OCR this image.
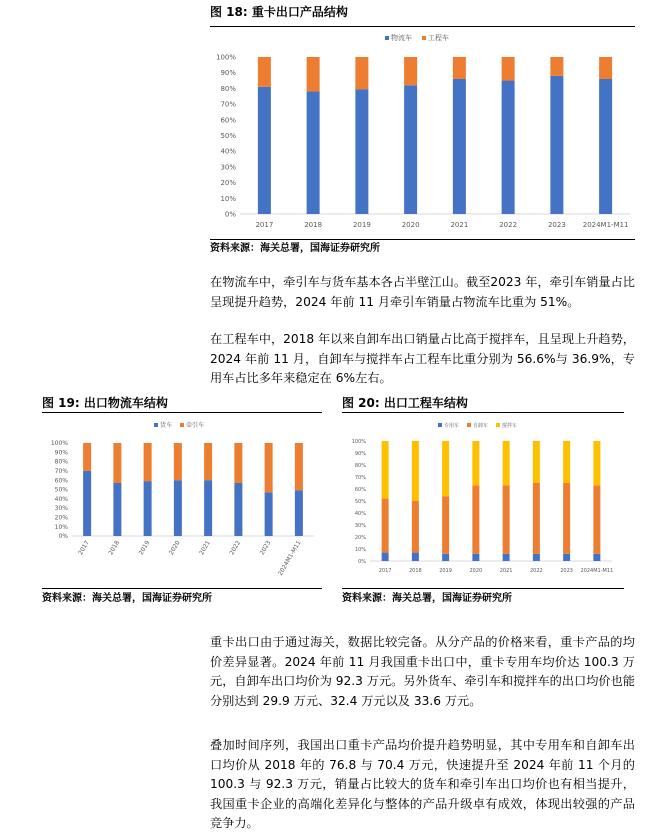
图 18: 重卡出口产品结构
0%
10%
20%
30%
40%
50%
60%
70%
80%
90%
100%
2017	2018	2019	2020	2021	2022	2023 2024M1-M11
物流车 工程车
资料来源：海关总署，国海证券研究所
在物流车中，牵引车与货车基本各占半壁江山。截至2023 年，牵引车销量占比呈现提升趋势，2024 年前 11 月牵引车销量占物流车比重为 51%。
在工程车中，2018 年以来自卸车出口销量占比高于搅拌车，且呈现上升趋势，2024 年前 11 月，自卸车与搅拌车占工程车比重分别为 56.6%与 36.9%，专用车占比多年来稳定在 6%左右。
图 19: 出口物流车结构
0%
10%
20%
30%
40%
50%
60%
70%
80%
90%
100%
2017	2018	2019	2020	2021	2022	2023 2024M1-M11
货车 牵引车
资料来源：海关总署，国海证券研究所
图 20: 出口工程车结构
0%
10%
20%
30%
40%
50%
60%
70%
80%
90%
100%
2017	2018	2019	2020	2021	2022	2023 2024M1-M11
专用车	自卸车	搅拌车
资料来源：海关总署，国海证券研究所
重卡出口由于通过海关，数据比较完备。从分产品的价格来看，重卡产品的均价差异显著。2024 年前 11 月我国重卡出口中，重卡专用车均价达 100.3 万元，自卸车出口均价为 92.3 万元。另外货车、牵引车和搅拌车的出口均价也能分别达到 29.9 万元、32.4 万元以及 33.6 万元。
叠加时间序列，我国出口重卡产品均价提升趋势明显，其中专用车和自卸车出口均价从 2018 年的 76.8 与 70.4 万元，快速提升至 2024 年前 11 个月的 100.3 与 92.3 万元，销量占比较大的货车和牵引车出口均价也有相当提升，我国重卡企业的高端化差异化与整体的产品升级卓有成效，体现出较强的产品竞争力。
